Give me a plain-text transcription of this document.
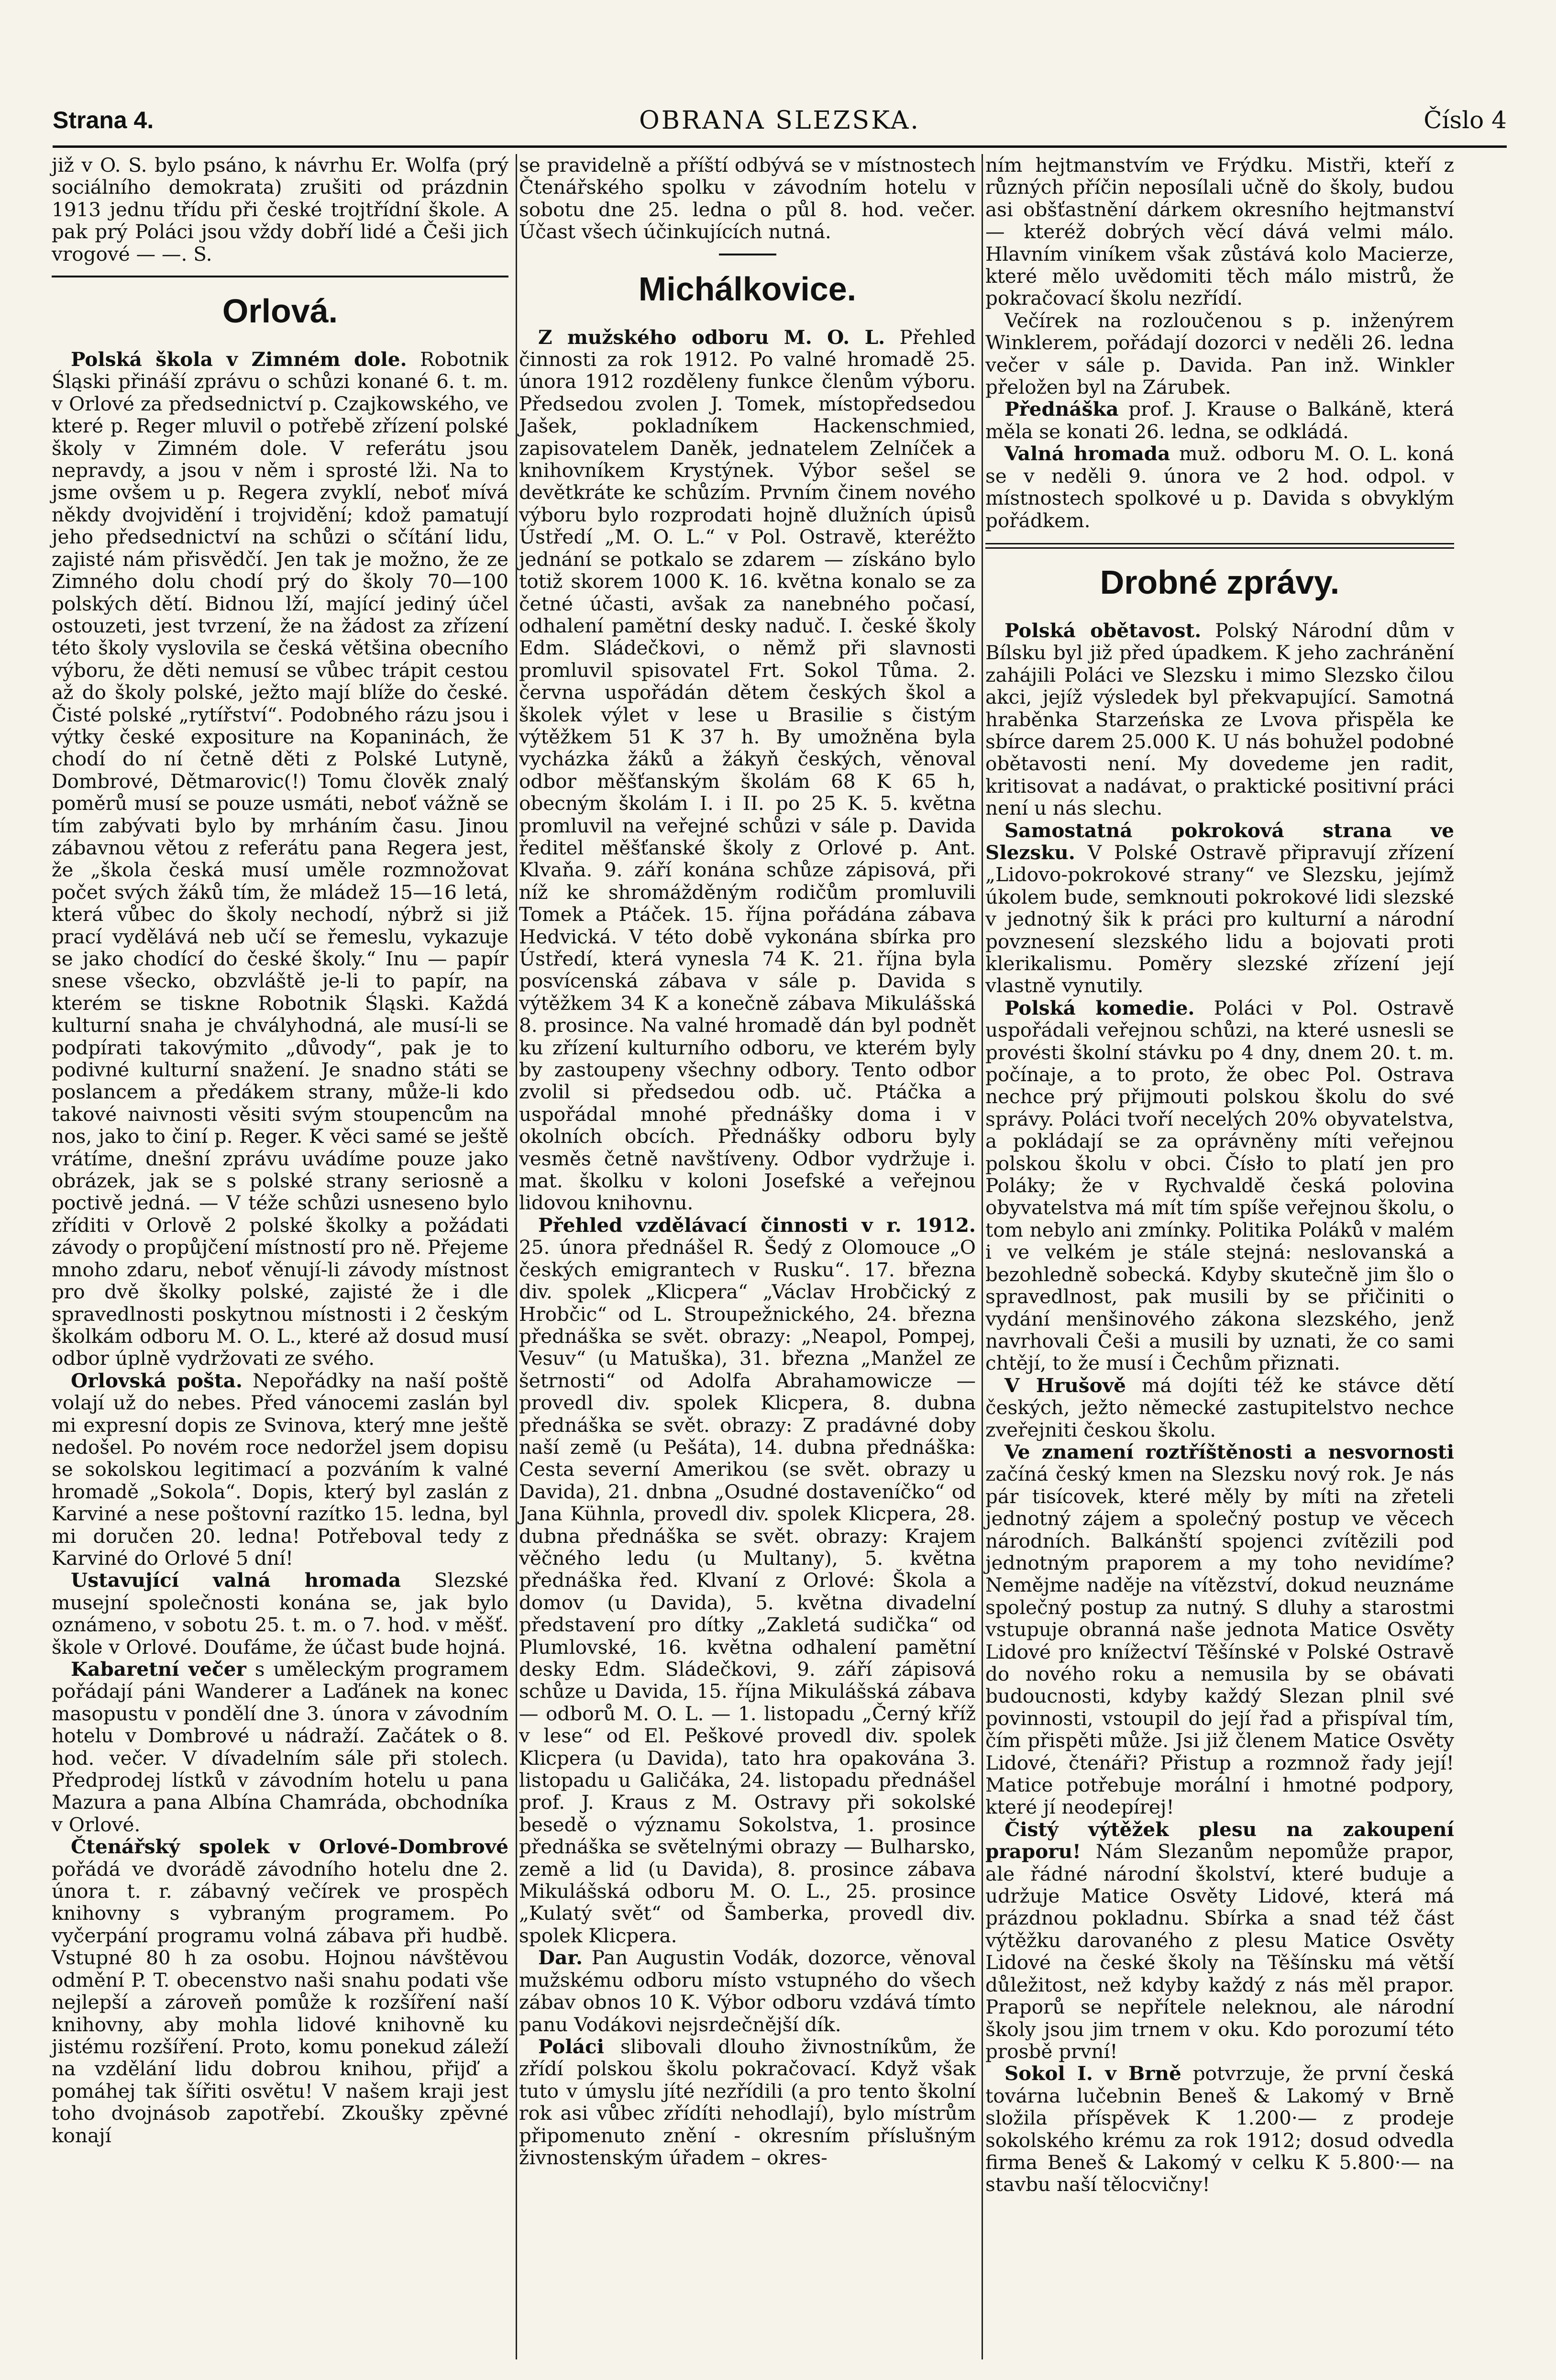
Strana 4.	OBRANA SLEZSKA.	Číslo 4

již v O. S. bylo psáno, k návrhu Er. Wolfa (prý sociálního demokrata) zrušiti od prázdnin 1913 jednu třídu při české trojtřídní škole. A pak prý Poláci jsou vždy dobří lidé a Češi jich vrogové — —. S.

Orlová.

Polská škola v Zimném dole. Robotnik Śląski přináší zprávu o schůzi konané 6. t. m. v Orlové za předsednictví p. Czajkowského, ve které p. Reger mluvil o potřebě zřízení polské školy v Zimném dole. V referátu jsou nepravdy, a jsou v něm i sprosté lži. Na to jsme ovšem u p. Regera zvyklí, neboť mívá někdy dvojvidění i trojvidění; kdož pamatují jeho předsednictví na schůzi o sčítání lidu, zajisté nám přisvědčí. Jen tak je možno, že ze Zimného dolu chodí prý do školy 70—100 polských dětí. Bidnou lží, mající jediný účel ostouzeti, jest tvrzení, že na žádost za zřízení této školy vyslovila se česká většina obecního výboru, že děti nemusí se vůbec trápit cestou až do školy polské, ježto mají blíže do české. Čisté polské „rytířství“. Podobného rázu jsou i výtky české expositure na Kopaninách, že chodí do ní četně děti z Polské Lutyně, Dombrové, Dětmarovic(!) Tomu člověk znalý poměrů musí se pouze usmáti, neboť vážně se tím zabývati bylo by mrháním času. Jinou zábavnou větou z referátu pana Regera jest, že „škola česká musí uměle rozmnožovat počet svých žáků tím, že mládež 15—16 letá, která vůbec do školy nechodí, nýbrž si již prací vydělává neb učí se řemeslu, vykazuje se jako chodící do české školy.“ Inu — papír snese všecko, obzvláště je-li to papír, na kterém se tiskne Robotnik Śląski. Každá kulturní snaha je chvályhodná, ale musí-li se podpírati takovýmito „důvody“, pak je to podivné kulturní snažení. Je snadno státi se poslancem a předákem strany, může-li kdo takové naivnosti věsiti svým stoupencům na nos, jako to činí p. Reger. K věci samé se ještě vrátíme, dnešní zprávu uvádíme pouze jako obrázek, jak se s polské strany seriosně a poctivě jedná. — V téže schůzi usneseno bylo zříditi v Orlově 2 polské školky a požádati závody o propůjčení místností pro ně. Přejeme mnoho zdaru, neboť věnují-li závody místnost pro dvě školky polské, zajisté že i dle spravedlnosti poskytnou místnosti i 2 českým školkám odboru M. O. L., které až dosud musí odbor úplně vydržovati ze svého.

Orlovská pošta. Nepořádky na naší poště volají už do nebes. Před vánocemi zaslán byl mi expresní dopis ze Svinova, který mne ještě nedošel. Po novém roce nedoržel jsem dopisu se sokolskou legitimací a pozváním k valné hromadě „Sokola“. Dopis, který byl zaslán z Karviné a nese poštovní razítko 15. ledna, byl mi doručen 20. ledna! Potřeboval tedy z Karviné do Orlové 5 dní!

Ustavující valná hromada Slezské musejní společnosti konána se, jak bylo oznámeno, v sobotu 25. t. m. o 7. hod. v měšť. škole v Orlové. Doufáme, že účast bude hojná.

Kabaretní večer s uměleckým programem pořádají páni Wanderer a Laďánek na konec masopustu v pondělí dne 3. února v závodním hotelu v Dombrové u nádraží. Začátek o 8. hod. večer. V dívadelním sále při stolech. Předprodej lístků v závodním hotelu u pana Mazura a pana Albína Chamráda, obchodníka v Orlové.

Čtenářský spolek v Orlové-Dombrové pořádá ve dvorádě závodního hotelu dne 2. února t. r. zábavný večírek ve prospěch knihovny s vybraným programem. Po vyčerpání programu volná zábava při hudbě. Vstupné 80 h za osobu. Hojnou návštěvou odmění P. T. obecenstvo naši snahu podati vše nejlepší a zároveň pomůže k rozšíření naší knihovny, aby mohla lidové knihovně ku jistému rozšíření. Proto, komu ponekud záleží na vzdělání lidu dobrou knihou, přijď a pomáhej tak šířiti osvětu! V našem kraji jest toho dvojnásob zapotřebí. Zkoušky zpěvné konají

se pravidelně a příští odbývá se v místnostech Čtenářského spolku v závodním hotelu v sobotu dne 25. ledna o půl 8. hod. večer. Účast všech účinkujících nutná.

Michálkovice.

Z mužského odboru M. O. L. Přehled činnosti za rok 1912. Po valné hromadě 25. února 1912 rozděleny funkce členům výboru. Předsedou zvolen J. Tomek, místopředsedou Jašek, pokladníkem Hackenschmied, zapisovatelem Daněk, jednatelem Zelníček a knihovníkem Krystýnek. Výbor sešel se devětkráte ke schůzím. Prvním činem nového výboru bylo rozprodati hojně dlužních úpisů Ústředí „M. O. L.“ v Pol. Ostravě, kteréžto jednání se potkalo se zdarem — získáno bylo totiž skorem 1000 K. 16. května konalo se za četné účasti, avšak za nanebného počasí, odhalení pamětní desky naduč. I. české školy Edm. Sládečkovi, o němž při slavnosti promluvil spisovatel Frt. Sokol Tůma. 2. června uspořádán dětem českých škol a školek výlet v lese u Brasilie s čistým výtěžkem 51 K 37 h. By umožněna byla vycházka žáků a žákyň českých, věnoval odbor měšťanským školám 68 K 65 h, obecným školám I. i II. po 25 K. 5. května promluvil na veřejné schůzi v sále p. Davida ředitel měšťanské školy z Orlové p. Ant. Klvaňa. 9. září konána schůze zápisová, při níž ke shromážděným rodičům promluvili Tomek a Ptáček. 15. října pořádána zábava Hedvická. V této době vykonána sbírka pro Ústředí, která vynesla 74 K. 21. října byla posvícenská zábava v sále p. Davida s výtěžkem 34 K a konečně zábava Mikulášská 8. prosince. Na valné hromadě dán byl podnět ku zřízení kulturního odboru, ve kterém byly by zastoupeny všechny odbory. Tento odbor zvolil si předsedou odb. uč. Ptáčka a uspořádal mnohé přednášky doma i v okolních obcích. Přednášky odboru byly vesměs četně navštíveny. Odbor vydržuje i. mat. školku v koloni Josefské a veřejnou lidovou knihovnu.

Přehled vzdělávací činnosti v r. 1912. 25. února přednášel R. Šedý z Olomouce „O českých emigrantech v Rusku“. 17. března div. spolek „Klicpera“ „Václav Hrobčický z Hrobčic“ od L. Stroupežnického, 24. března přednáška se svět. obrazy: „Neapol, Pompej, Vesuv“ (u Matuška), 31. března „Manžel ze šetrnosti“ od Adolfa Abrahamowicze — provedl div. spolek Klicpera, 8. dubna přednáška se svět. obrazy: Z pradávné doby naší země (u Pešáta), 14. dubna přednáška: Cesta severní Amerikou (se svět. obrazy u Davida), 21. dnbna „Osudné dostaveníčko“ od Jana Kühnla, provedl div. spolek Klicpera, 28. dubna přednáška se svět. obrazy: Krajem věčného ledu (u Multany), 5. května přednáška řed. Klvaní z Orlové: Škola a domov (u Davida), 5. května divadelní představení pro dítky „Zakletá sudička“ od Plumlovské, 16. května odhalení pamětní desky Edm. Sládečkovi, 9. září zápisová schůze u Davida, 15. října Mikulášská zábava — odborů M. O. L. — 1. listopadu „Černý kříž v lese“ od El. Peškové provedl div. spolek Klicpera (u Davida), tato hra opakována 3. listopadu u Galičáka, 24. listopadu přednášel prof. J. Kraus z M. Ostravy při sokolské besedě o významu Sokolstva, 1. prosince přednáška se světelnými obrazy — Bulharsko, země a lid (u Davida), 8. prosince zábava Mikulášská odboru M. O. L., 25. prosince „Kulatý svět“ od Šamberka, provedl div. spolek Klicpera.

Dar. Pan Augustin Vodák, dozorce, věnoval mužskému odboru místo vstupného do všech zábav obnos 10 K. Výbor odboru vzdává tímto panu Vodákovi nejsrdečnější dík.

Poláci slibovali dlouho živnostníkům, že zřídí polskou školu pokračovací. Když však tuto v úmyslu jíté nezřídili (a pro tento školní rok asi vůbec zřídíti nehodlají), bylo místrům připomenuto znění - okresním příslušným živnostenským úřadem – okres-

ním hejtmanstvím ve Frýdku. Mistři, kteří z různých příčin neposílali učně do školy, budou asi obšťastnění dárkem okresního hejtmanství — kteréž dobrých věcí dává velmi málo. Hlavním viníkem však zůstává kolo Macierze, které mělo uvědomiti těch málo mistrů, že pokračovací školu nezřídí.

Večírek na rozloučenou s p. inženýrem Winklerem, pořádají dozorci v neděli 26. ledna večer v sále p. Davida. Pan inž. Winkler přeložen byl na Zárubek.

Přednáška prof. J. Krause o Balkáně, která měla se konati 26. ledna, se odkládá.

Valná hromada muž. odboru M. O. L. koná se v neděli 9. února ve 2 hod. odpol. v místnostech spolkové u p. Davida s obvyklým pořádkem.

Drobné zprávy.

Polská obětavost. Polský Národní dům v Bílsku byl již před úpadkem. K jeho zachránění zahájili Poláci ve Slezsku i mimo Slezsko čilou akci, jejíž výsledek byl překvapující. Samotná hraběnka Starzeńska ze Lvova přispěla ke sbírce darem 25.000 K. U nás bohužel podobné obětavosti není. My dovedeme jen radit, kritisovat a nadávat, o praktické positivní práci není u nás slechu.

Samostatná pokroková strana ve Slezsku. V Polské Ostravě připravují zřízení „Lidovo-pokrokové strany“ ve Slezsku, jejímž úkolem bude, semknouti pokrokové lidi slezské v jednotný šik k práci pro kulturní a národní povznesení slezského lidu a bojovati proti klerikalismu. Poměry slezské zřízení její vlastně vynutily.

Polská komedie. Poláci v Pol. Ostravě uspořádali veřejnou schůzi, na které usnesli se provésti školní stávku po 4 dny, dnem 20. t. m. počínaje, a to proto, že obec Pol. Ostrava nechce prý přijmouti polskou školu do své správy. Poláci tvoří necelých 20% obyvatelstva, a pokládají se za oprávněny míti veřejnou polskou školu v obci. Čísło to platí jen pro Poláky; že v Rychvaldě česká polovina obyvatelstva má mít tím spíše veřejnou školu, o tom nebylo ani zmínky. Politika Poláků v malém i ve velkém je stále stejná: neslovanská a bezohledně sobecká. Kdyby skutečně jim šlo o spravedlnost, pak musili by se přičiniti o vydání menšinového zákona slezského, jenž navrhovali Češi a musili by uznati, že co sami chtějí, to že musí i Čechům přiznati.

V Hrušově má dojíti též ke stávce dětí českých, ježto německé zastupitelstvo nechce zveřejniti českou školu.

Ve znamení roztříštěnosti a nesvornosti začíná český kmen na Slezsku nový rok. Je nás pár tisícovek, které měly by míti na zřeteli jednotný zájem a společný postup ve věcech národních. Balkánští spojenci zvítězili pod jednotným praporem a my toho nevidíme? Nemějme naděje na vítězství, dokud neuznáme společný postup za nutný. S dluhy a starostmi vstupuje obranná naše jednota Matice Osvěty Lidové pro knížectví Těšínské v Polské Ostravě do nového roku a nemusila by se obávati budoucnosti, kdyby každý Slezan plnil své povinnosti, vstoupil do její řad a přispíval tím, čím přispěti může. Jsi již členem Matice Osvěty Lidové, čtenáři? Přistup a rozmnož řady její! Matice potřebuje morální i hmotné podpory, které jí neodepírej!

Čistý výtěžek plesu na zakoupení praporu! Nám Slezanům nepomůže prapor, ale řádné národní školství, které buduje a udržuje Matice Osvěty Lidové, která má prázdnou pokladnu. Sbírka a snad též část výtěžku darovaného z plesu Matice Osvěty Lidové na české školy na Těšínsku má větší důležitost, než kdyby každý z nás měl prapor. Praporů se nepřítele neleknou, ale národní školy jsou jim trnem v oku. Kdo porozumí této prosbě první!

Sokol I. v Brně potvrzuje, že první česká továrna lučebnin Beneš & Lakomý v Brně složila příspěvek K 1.200·— z prodeje sokolského krému za rok 1912; dosud odvedla firma Beneš & Lakomý v celku K 5.800·— na stavbu naší tělocvičny!
